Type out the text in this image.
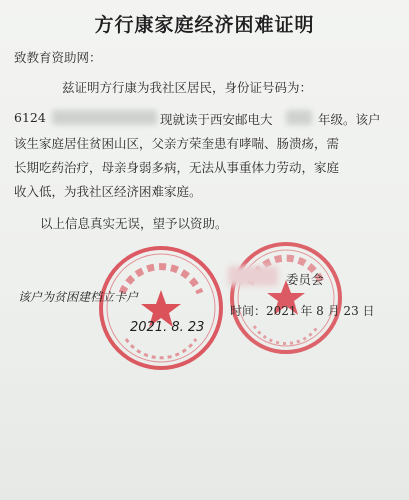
方行康家庭经济困难证明
致教育资助网：
兹证明方行康为我社区居民，身份证号码为：
6124	现就读于西安邮电大	年级。该户
该生家庭居住贫困山区，父亲方荣奎患有哮喘、肠溃疡，需
长期吃药治疗，母亲身弱多病，无法从事重体力劳动，家庭
收入低，为我社区经济困难家庭。
以上信息真实无误，望予以资助。
委员会
该户为贫困建档立卡户
2021. 8. 23
时间：2021 年 8 月 23 日
